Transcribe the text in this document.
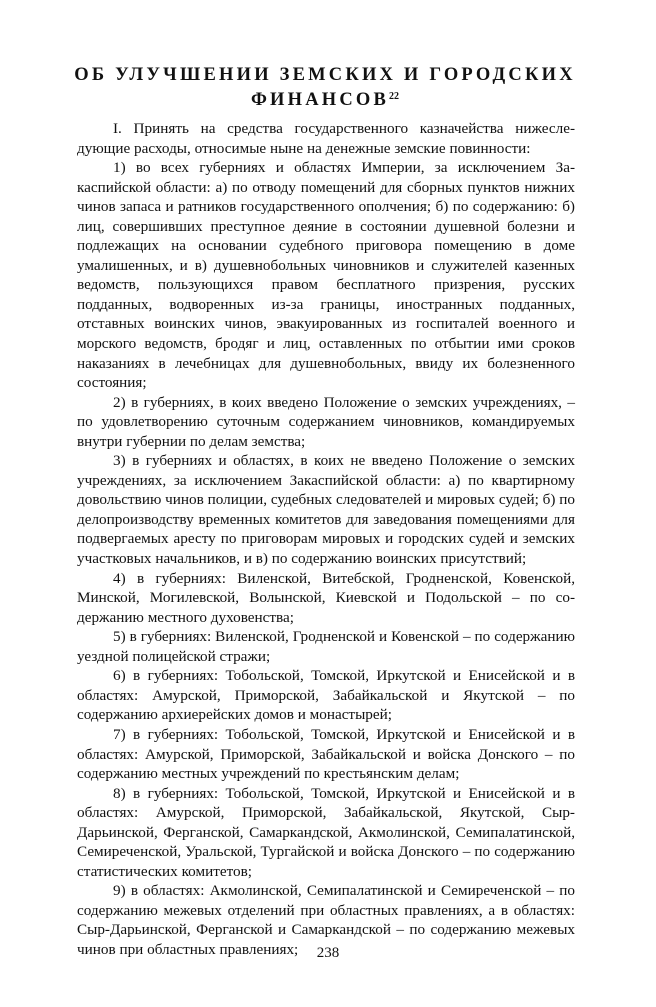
ОБ УЛУЧШЕНИИ ЗЕМСКИХ И ГОРОДСКИХ
ФИНАНСОВ$^{22}$

I. Принять на средства государственного казначейства нижеследующие расходы, относимые ныне на денежные земские повинности:

1) во всех губерниях и областях Империи, за исключением Закаспийской области: а) по отводу помещений для сборных пунктов нижних чинов запаса и ратников государственного ополчения; б) по содержанию: б) лиц, совершивших преступное деяние в состоянии душевной болезни и подлежащих на основании судебного приговора помещению в доме умалишенных, и в) душевнобольных чиновников и служителей казенных ведомств, пользующихся правом бесплатного призрения, русских подданных, водворенных из-за границы, иностранных подданных, отставных воинских чинов, эвакуированных из госпиталей военного и морского ведомств, бродяг и лиц, оставленных по отбытии ими сроков наказаниях в лечебницах для душевнобольных, ввиду их болезненного состояния;

2) в губерниях, в коих введено Положение о земских учреждениях, – по удовлетворению суточным содержанием чиновников, командируемых внутри губернии по делам земства;

3) в губерниях и областях, в коих не введено Положение о земских учреждениях, за исключением Закаспийской области: а) по квартирному довольствию чинов полиции, судебных следователей и мировых судей; б) по делопроизводству временных комитетов для заведования помещениями для подвергаемых аресту по приговорам мировых и городских судей и земских участковых начальников, и в) по содержанию воинских присутствий;

4) в губерниях: Виленской, Витебской, Гродненской, Ковенской, Минской, Могилевской, Волынской, Киевской и Подольской – по содержанию местного духовенства;

5) в губерниях: Виленской, Гродненской и Ковенской – по содержанию уездной полицейской стражи;

6) в губерниях: Тобольской, Томской, Иркутской и Енисейской и в областях: Амурской, Приморской, Забайкальской и Якутской – по содержанию архиерейских домов и монастырей;

7) в губерниях: Тобольской, Томской, Иркутской и Енисейской и в областях: Амурской, Приморской, Забайкальской и войска Донского – по содержанию местных учреждений по крестьянским делам;

8) в губерниях: Тобольской, Томской, Иркутской и Енисейской и в областях: Амурской, Приморской, Забайкальской, Якутской, Сыр-Дарьинской, Ферганской, Самаркандской, Акмолинской, Семипалатинской, Семиреченской, Уральской, Тургайской и войска Донского – по содержанию статистических комитетов;

9) в областях: Акмолинской, Семипалатинской и Семиреченской – по содержанию межевых отделений при областных правлениях, а в областях: Сыр-Дарьинской, Ферганской и Самаркандской – по содержанию межевых чинов при областных правлениях;	238
